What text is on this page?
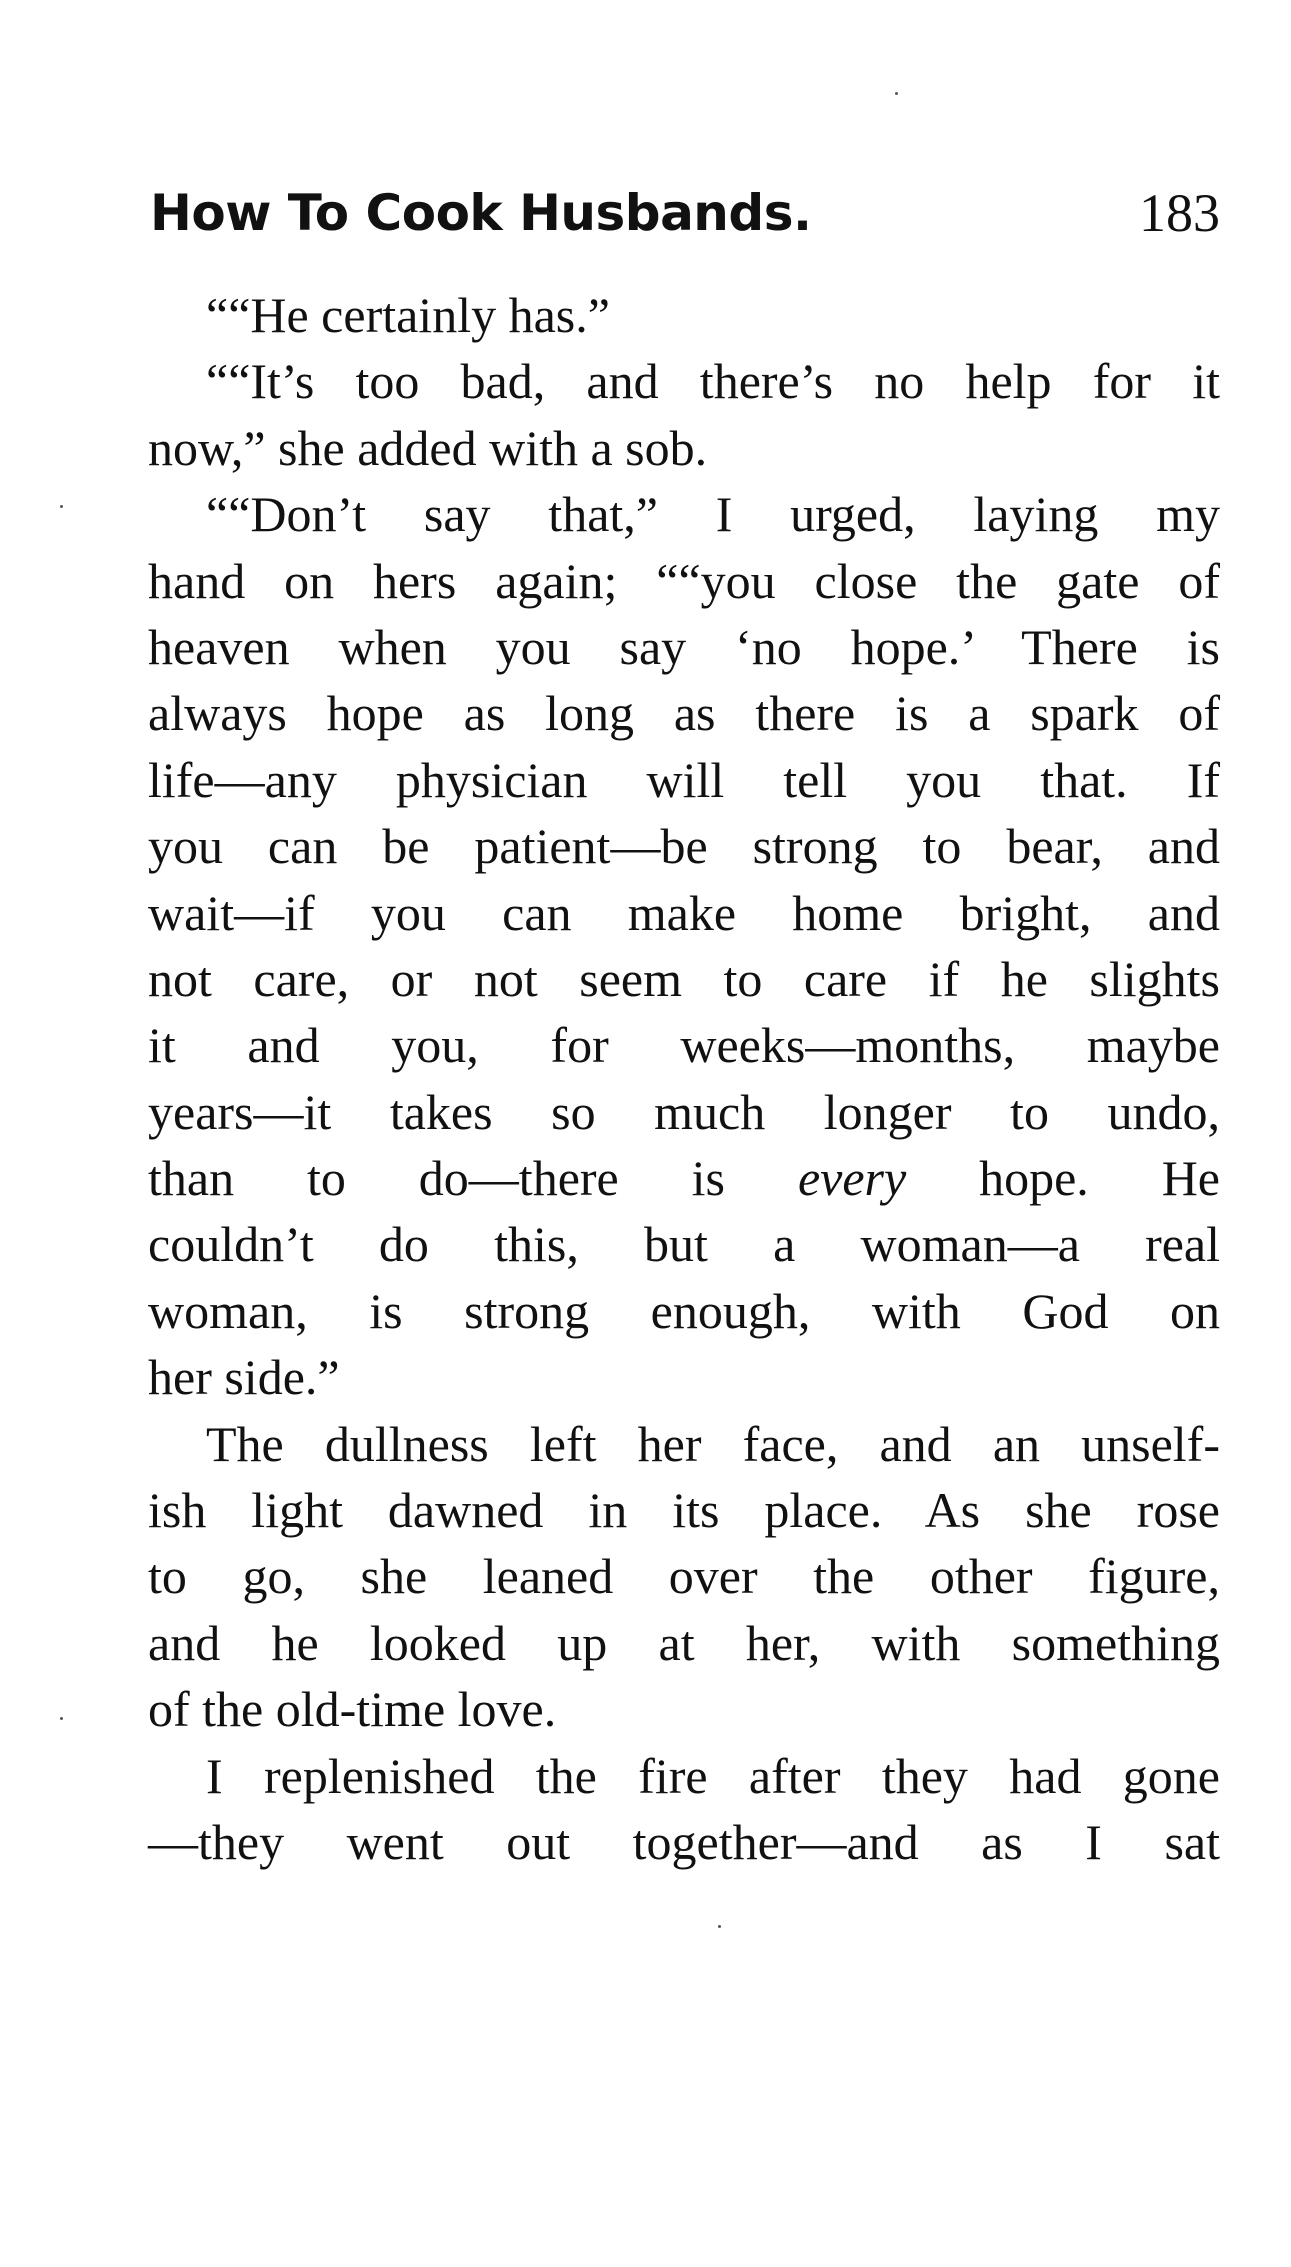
How To Cook Husbands.	183
““He certainly has.”
““It’s too bad, and there’s no help for it
now,” she added with a sob.
““Don’t say that,” I urged, laying my
hand on hers again; ““you close the gate of
heaven when you say ‘no hope.’ There is
always hope as long as there is a spark of
life—any physician will tell you that. If
you can be patient—be strong to bear, and
wait—if you can make home bright, and
not care, or not seem to care if he slights
it and you, for weeks—months, maybe
years—it takes so much longer to undo,
than to do—there is every hope. He
couldn’t do this, but a woman—a real
woman, is strong enough, with God on
her side.”
The dullness left her face, and an unself-
ish light dawned in its place. As she rose
to go, she leaned over the other figure,
and he looked up at her, with something
of the old-time love.
I replenished the fire after they had gone
—they went out together—and as I sat
